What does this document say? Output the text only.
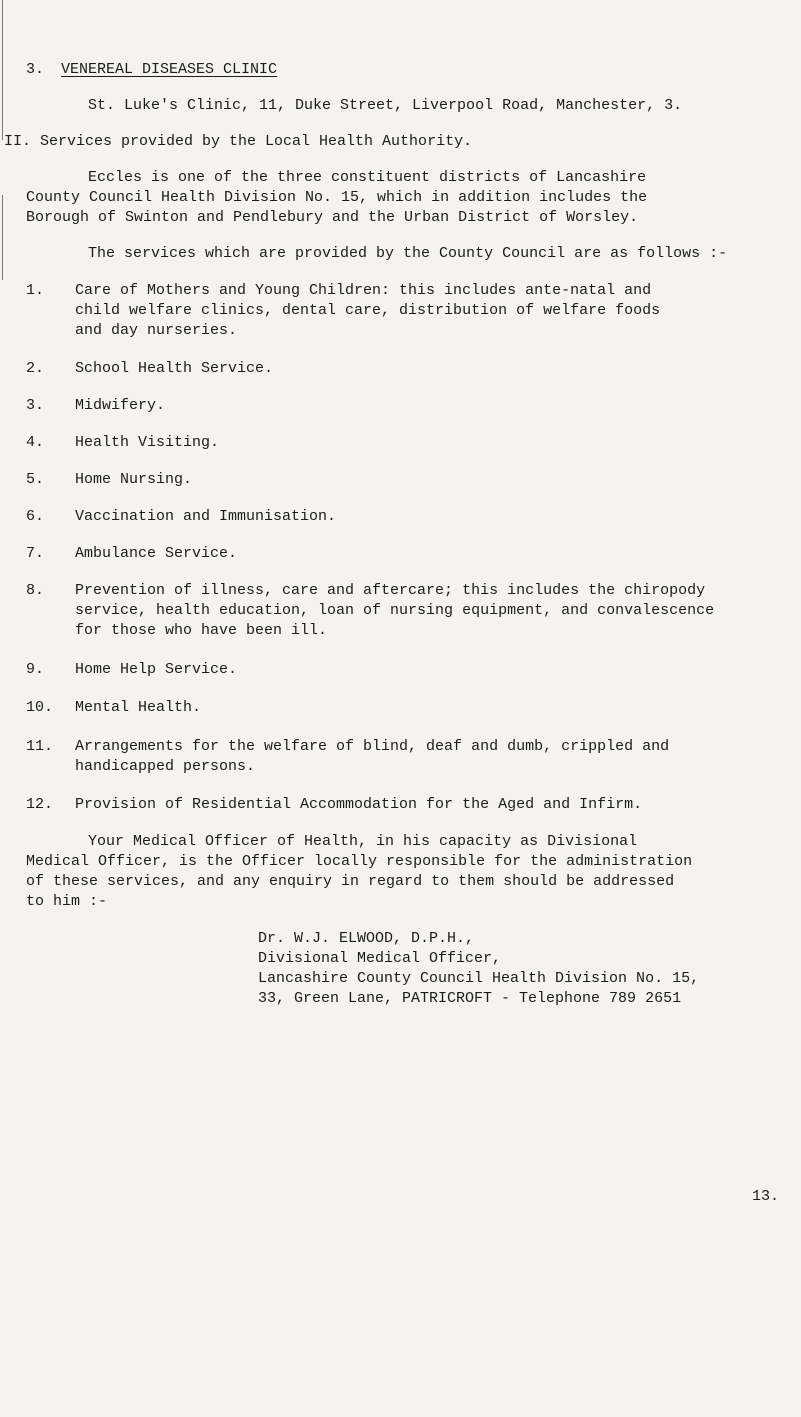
3. VENEREAL DISEASES CLINIC
St. Luke's Clinic, 11, Duke Street, Liverpool Road, Manchester, 3.
II. Services provided by the Local Health Authority.
Eccles is one of the three constituent districts of Lancashire
County Council Health Division No. 15, which in addition includes the
Borough of Swinton and Pendlebury and the Urban District of Worsley.
The services which are provided by the County Council are as follows :-
1. Care of Mothers and Young Children: this includes ante-natal and
child welfare clinics, dental care, distribution of welfare foods
and day nurseries.
2. School Health Service.
3. Midwifery.
4. Health Visiting.
5. Home Nursing.
6. Vaccination and Immunisation.
7. Ambulance Service.
8. Prevention of illness, care and aftercare; this includes the chiropody
service, health education, loan of nursing equipment, and convalescence
for those who have been ill.
9. Home Help Service.
10. Mental Health.
11. Arrangements for the welfare of blind, deaf and dumb, crippled and
handicapped persons.
12. Provision of Residential Accommodation for the Aged and Infirm.
Your Medical Officer of Health, in his capacity as Divisional
Medical Officer, is the Officer locally responsible for the administration
of these services, and any enquiry in regard to them should be addressed
to him :-
Dr. W.J. ELWOOD, D.P.H.,
Divisional Medical Officer,
Lancashire County Council Health Division No. 15,
33, Green Lane, PATRICROFT - Telephone 789 2651
13.
